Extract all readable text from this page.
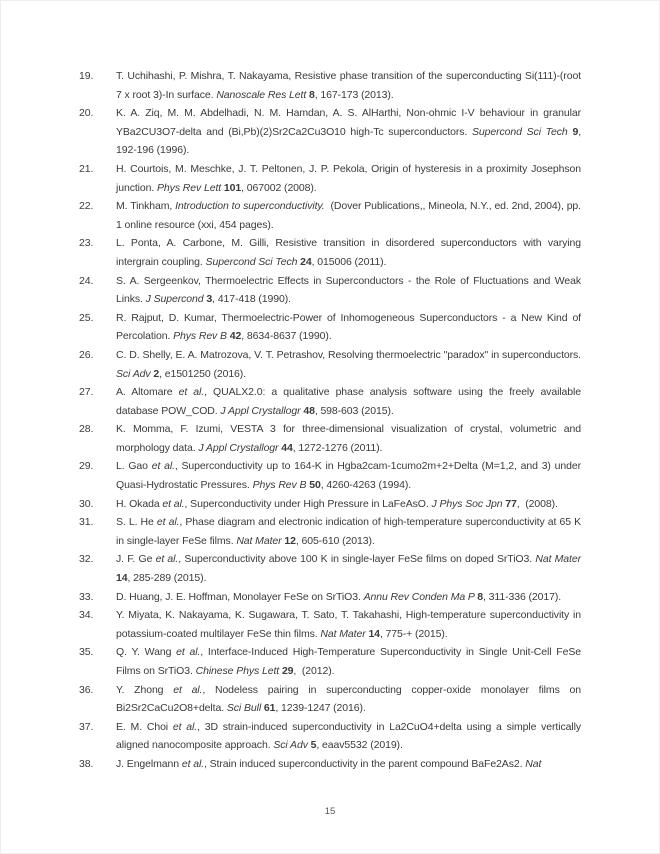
19.	T. Uchihashi, P. Mishra, T. Nakayama, Resistive phase transition of the superconducting Si(111)-(root 7 x root 3)-In surface. Nanoscale Res Lett 8, 167-173 (2013).
20.	K. A. Ziq, M. M. Abdelhadi, N. M. Hamdan, A. S. AlHarthi, Non-ohmic I-V behaviour in granular YBa2CU3O7-delta and (Bi,Pb)(2)Sr2Ca2Cu3O10 high-Tc superconductors. Supercond Sci Tech 9, 192-196 (1996).
21.	H. Courtois, M. Meschke, J. T. Peltonen, J. P. Pekola, Origin of hysteresis in a proximity Josephson junction. Phys Rev Lett 101, 067002 (2008).
22.	M. Tinkham, Introduction to superconductivity.  (Dover Publications,, Mineola, N.Y., ed. 2nd, 2004), pp. 1 online resource (xxi, 454 pages).
23.	L. Ponta, A. Carbone, M. Gilli, Resistive transition in disordered superconductors with varying intergrain coupling. Supercond Sci Tech 24, 015006 (2011).
24.	S. A. Sergeenkov, Thermoelectric Effects in Superconductors - the Role of Fluctuations and Weak Links. J Supercond 3, 417-418 (1990).
25.	R. Rajput, D. Kumar, Thermoelectric-Power of Inhomogeneous Superconductors - a New Kind of Percolation. Phys Rev B 42, 8634-8637 (1990).
26.	C. D. Shelly, E. A. Matrozova, V. T. Petrashov, Resolving thermoelectric "paradox" in superconductors. Sci Adv 2, e1501250 (2016).
27.	A. Altomare et al., QUALX2.0: a qualitative phase analysis software using the freely available database POW_COD. J Appl Crystallogr 48, 598-603 (2015).
28.	K. Momma, F. Izumi, VESTA 3 for three-dimensional visualization of crystal, volumetric and morphology data. J Appl Crystallogr 44, 1272-1276 (2011).
29.	L. Gao et al., Superconductivity up to 164-K in Hgba2cam-1cumo2m+2+Delta (M=1,2, and 3) under Quasi-Hydrostatic Pressures. Phys Rev B 50, 4260-4263 (1994).
30.	H. Okada et al., Superconductivity under High Pressure in LaFeAsO. J Phys Soc Jpn 77,  (2008).
31.	S. L. He et al., Phase diagram and electronic indication of high-temperature superconductivity at 65 K in single-layer FeSe films. Nat Mater 12, 605-610 (2013).
32.	J. F. Ge et al., Superconductivity above 100 K in single-layer FeSe films on doped SrTiO3. Nat Mater 14, 285-289 (2015).
33.	D. Huang, J. E. Hoffman, Monolayer FeSe on SrTiO3. Annu Rev Conden Ma P 8, 311-336 (2017).
34.	Y. Miyata, K. Nakayama, K. Sugawara, T. Sato, T. Takahashi, High-temperature superconductivity in potassium-coated multilayer FeSe thin films. Nat Mater 14, 775-+ (2015).
35.	Q. Y. Wang et al., Interface-Induced High-Temperature Superconductivity in Single Unit-Cell FeSe Films on SrTiO3. Chinese Phys Lett 29,  (2012).
36.	Y. Zhong et al., Nodeless pairing in superconducting copper-oxide monolayer films on Bi2Sr2CaCu2O8+delta. Sci Bull 61, 1239-1247 (2016).
37.	E. M. Choi et al., 3D strain-induced superconductivity in La2CuO4+delta using a simple vertically aligned nanocomposite approach. Sci Adv 5, eaav5532 (2019).
38.	J. Engelmann et al., Strain induced superconductivity in the parent compound BaFe2As2. Nat
15
